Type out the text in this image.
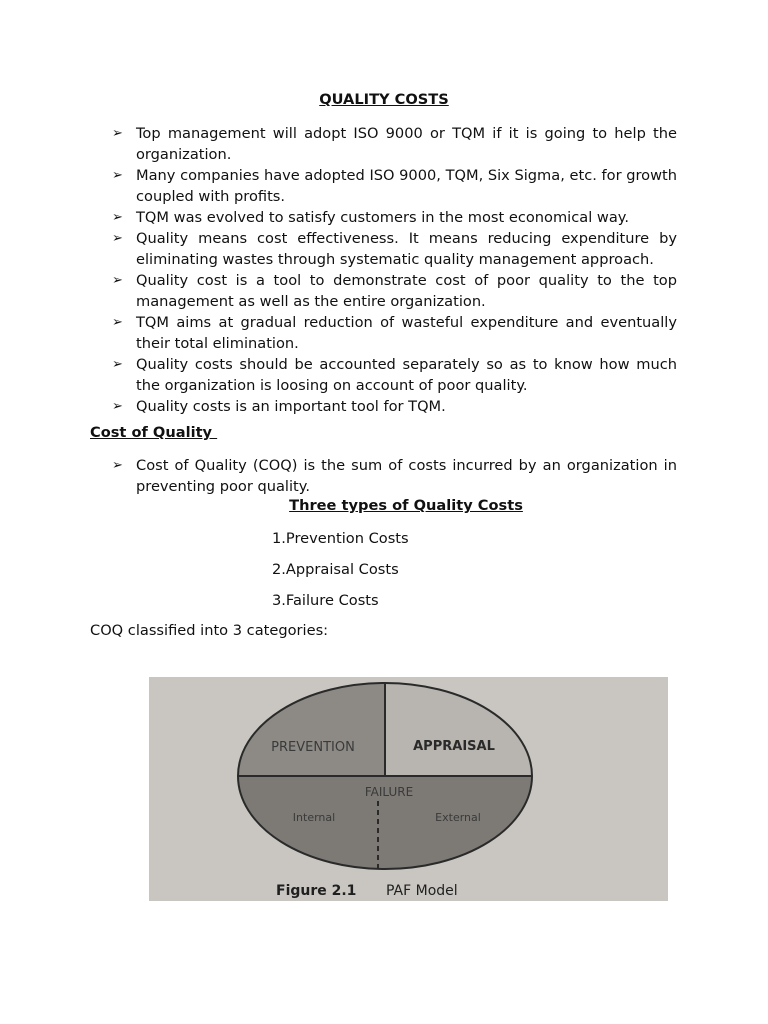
QUALITY COSTS
➢ Top management will adopt ISO 9000 or TQM if it is going to help the organization.
➢ Many companies have adopted ISO 9000, TQM, Six Sigma, etc. for growth coupled with profits.
➢ TQM was evolved to satisfy customers in the most economical way.
➢ Quality means cost effectiveness. It means reducing expenditure by eliminating wastes through systematic quality management approach.
➢ Quality cost is a tool to demonstrate cost of poor quality to the top management as well as the entire organization.
➢ TQM aims at gradual reduction of wasteful expenditure and eventually their total elimination.
➢ Quality costs should be accounted separately so as to know how much the organization is loosing on account of poor quality.
➢ Quality costs is an important tool for TQM.
Cost of Quality
➢ Cost of Quality (COQ) is the sum of costs incurred by an organization in preventing poor quality.
Three types of Quality Costs
1.Prevention Costs
2.Appraisal Costs
3.Failure Costs
COQ classified into 3 categories:
PREVENTION	APPRAISAL
FAILURE
Internal	External
Figure 2.1 PAF Model
